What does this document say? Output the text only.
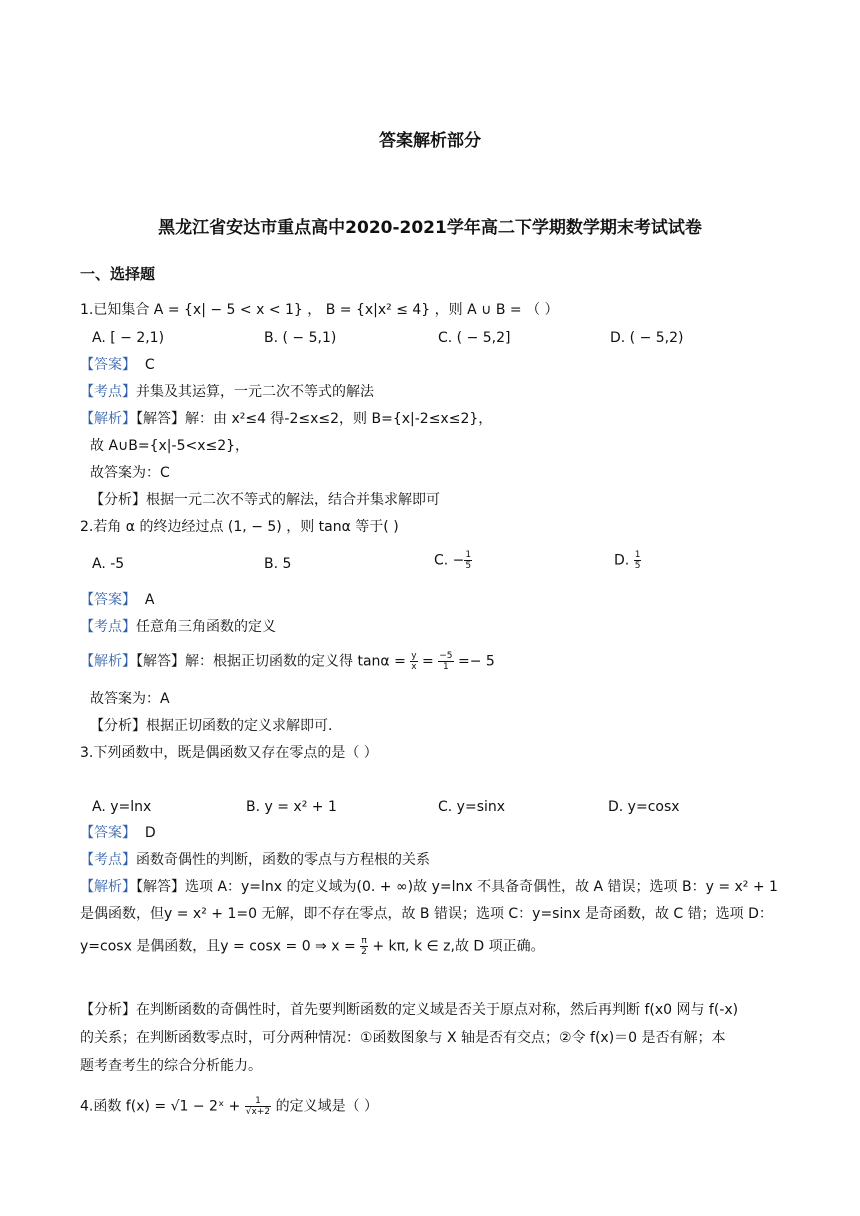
答案解析部分
黑龙江省安达市重点高中2020-2021学年高二下学期数学期末考试试卷
一、选择题
1.已知集合 A = {x| − 5 < x < 1} ， B = {x|x² ≤ 4} ，则 A ∪ B = （ ）
A. [ − 2,1)	B. ( − 5,1)	C. ( − 5,2]	D. ( − 5,2)
【答案】 C
【考点】并集及其运算，一元二次不等式的解法
【解析】【解答】解：由 x²≤4 得-2≤x≤2，则 B={x|-2≤x≤2}，
故 A∪B={x|-5<x≤2}，
故答案为：C
【分析】根据一元二次不等式的解法，结合并集求解即可
2.若角 α 的终边经过点 (1, − 5) ，则 tanα 等于( )
A. -5	B. 5	C. − $\frac{1}{5}$	D. $\frac{1}{5}$
【答案】 A
【考点】任意角三角函数的定义
【解析】【解答】解：根据正切函数的定义得 $\tan\alpha = \frac{y}{x} = \frac{-5}{1} =- 5$
故答案为：A
【分析】根据正切函数的定义求解即可.
3.下列函数中，既是偶函数又存在零点的是（ ）
A. y=lnx	B. y = x² + 1	C. y=sinx	D. y=cosx
【答案】 D
【考点】函数奇偶性的判断，函数的零点与方程根的关系
【解析】【解答】选项 A：y=lnx 的定义域为(0. + ∞)故 y=lnx 不具备奇偶性，故 A 错误；选项 B：y = x² + 1
是偶函数，但y = x² + 1=0 无解，即不存在零点，故 B 错误；选项 C：y=sinx 是奇函数，故 C 错；选项 D：
y=cosx 是偶函数，且y = cosx = 0 ⇒ $x = \frac{\pi}{2} + k\pi$, k ∈ z,故 D 项正确。
【分析】在判断函数的奇偶性时，首先要判断函数的定义域是否关于原点对称，然后再判断 f(x0 网与 f(-x)
的关系；在判断函数零点时，可分两种情况：①函数图象与 X 轴是否有交点；②令 f(x)＝0 是否有解；本
题考查考生的综合分析能力。
4.函数 f(x) = √1 − 2ˣ + $\frac{1}{√x+2}$ 的定义域是（ ）
